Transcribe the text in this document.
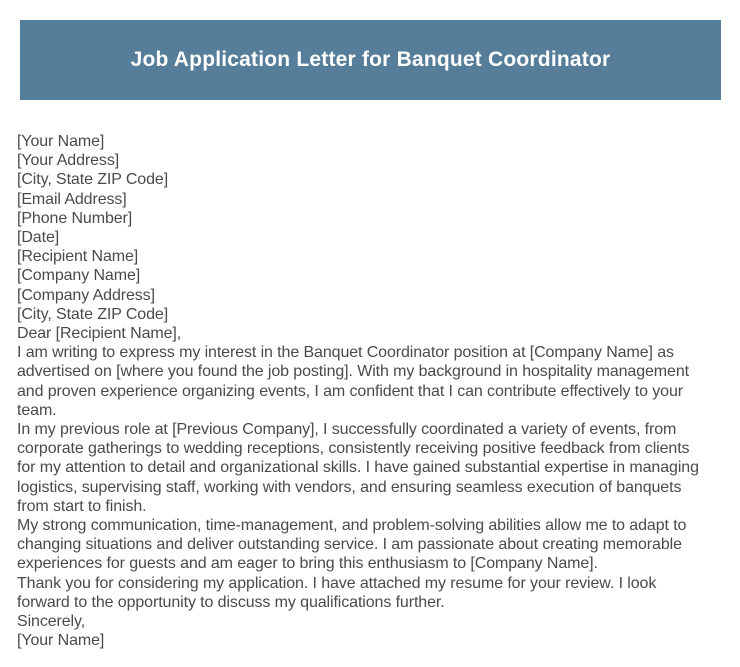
Job Application Letter for Banquet Coordinator
[Your Name]
[Your Address]
[City, State ZIP Code]
[Email Address]
[Phone Number]
[Date]
[Recipient Name]
[Company Name]
[Company Address]
[City, State ZIP Code]
Dear [Recipient Name],
I am writing to express my interest in the Banquet Coordinator position at [Company Name] as
advertised on [where you found the job posting]. With my background in hospitality management
and proven experience organizing events, I am confident that I can contribute effectively to your
team.
In my previous role at [Previous Company], I successfully coordinated a variety of events, from
corporate gatherings to wedding receptions, consistently receiving positive feedback from clients
for my attention to detail and organizational skills. I have gained substantial expertise in managing
logistics, supervising staff, working with vendors, and ensuring seamless execution of banquets
from start to finish.
My strong communication, time-management, and problem-solving abilities allow me to adapt to
changing situations and deliver outstanding service. I am passionate about creating memorable
experiences for guests and am eager to bring this enthusiasm to [Company Name].
Thank you for considering my application. I have attached my resume for your review. I look
forward to the opportunity to discuss my qualifications further.
Sincerely,
[Your Name]
